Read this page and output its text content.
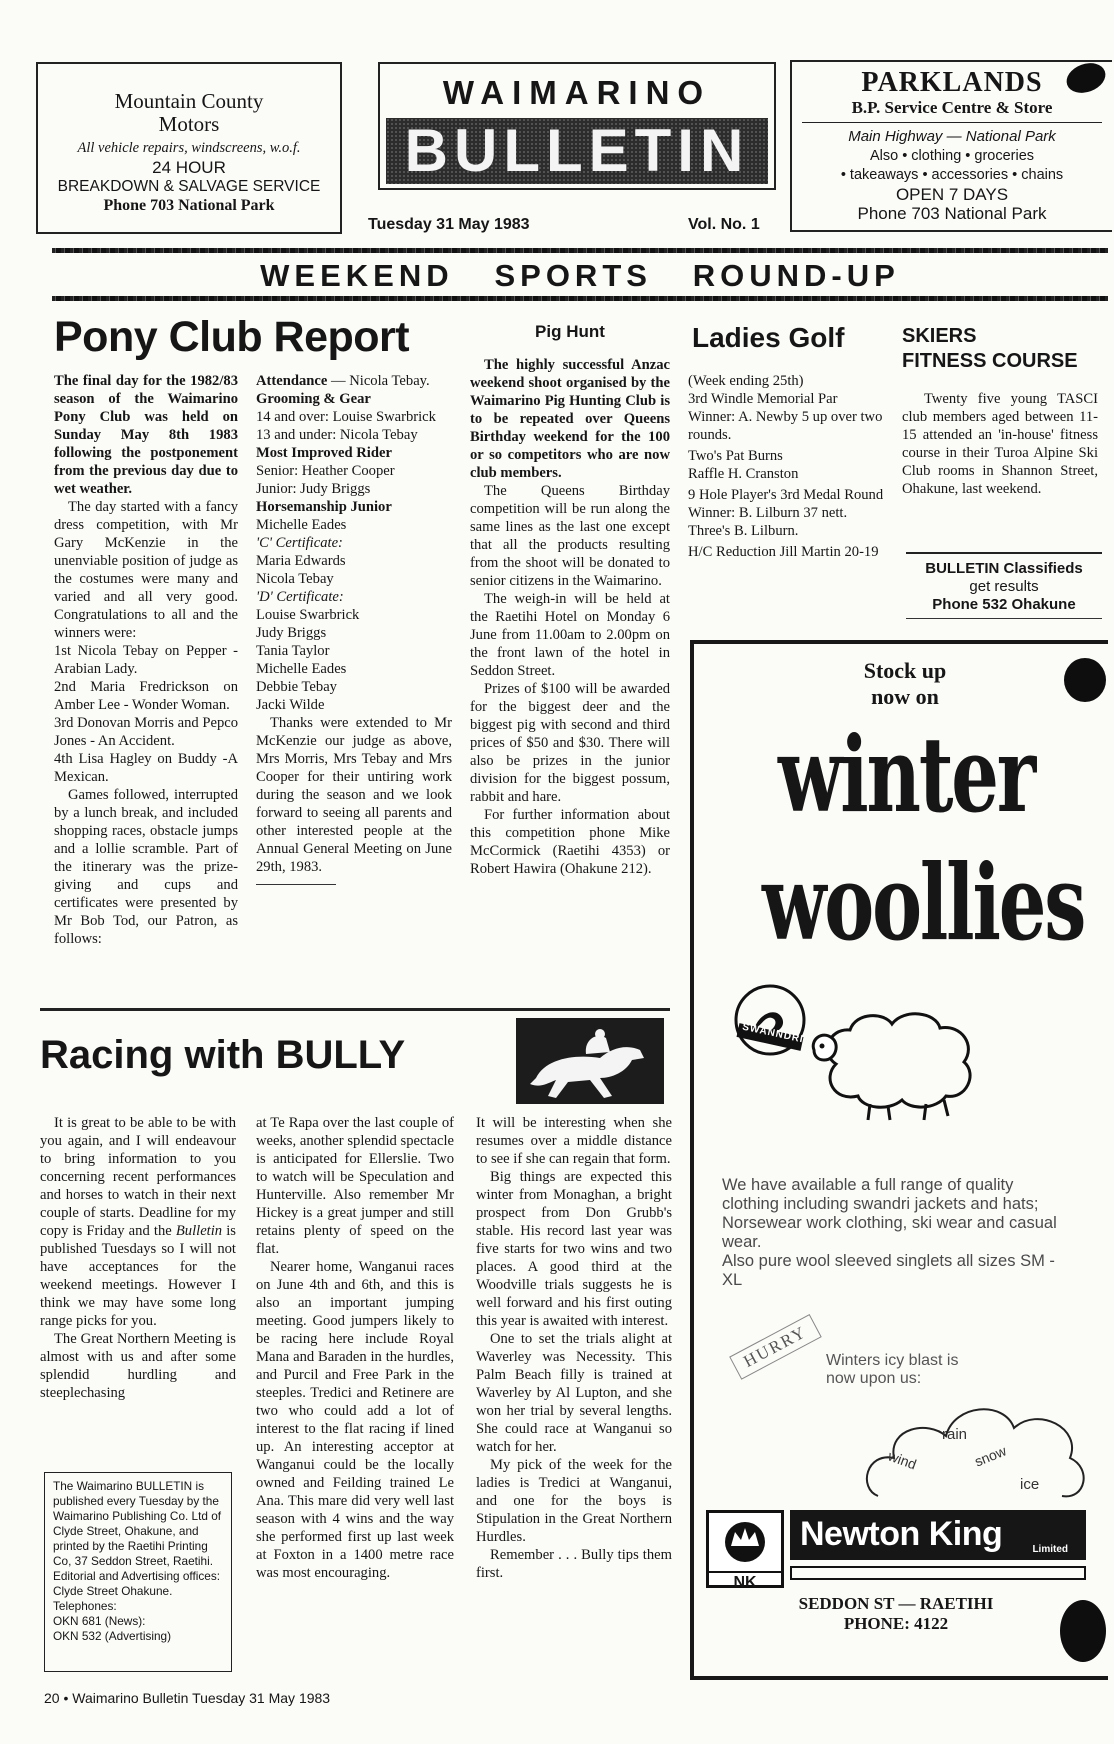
Mountain County
Motors
All vehicle repairs, windscreens, w.o.f.
24 HOUR
BREAKDOWN & SALVAGE SERVICE
Phone 703 National Park
WAIMARINO
BULLETIN
Tuesday 31 May 1983	Vol. No. 1
PARKLANDS
B.P. Service Centre & Store
Main Highway — National Park
Also • clothing • groceries
• takeaways • accessories • chains
OPEN 7 DAYS
Phone 703 National Park
WEEKEND   SPORTS   ROUND-UP
Pony Club Report

The final day for the 1982/83 season of the Waimarino Pony Club was held on Sunday May 8th 1983 following the postponement from the previous day due to wet weather.

The day started with a fancy dress competition, with Mr Gary McKenzie in the unenviable position of judge as the costumes were many and varied and all very good. Congratulations to all and the winners were:

1st Nicola Tebay on Pepper - Arabian Lady.

2nd Maria Fredrickson on Amber Lee - Wonder Woman.

3rd Donovan Morris and Pepco Jones - An Accident.

4th Lisa Hagley on Buddy -A Mexican.

Games followed, interrupted by a lunch break, and included shopping races, obstacle jumps and a lollie scramble. Part of the itinerary was the prize-giving and cups and certificates were presented by Mr Bob Tod, our Patron, as follows:

Attendance — Nicola Tebay.
Grooming & Gear
14 and over: Louise Swarbrick
13 and under: Nicola Tebay
Most Improved Rider
Senior: Heather Cooper
Junior: Judy Briggs
Horsemanship Junior
Michelle Eades
'C' Certificate:
Maria Edwards
Nicola Tebay
'D' Certificate:
Louise Swarbrick
Judy Briggs
Tania Taylor
Michelle Eades
Debbie Tebay
Jacki Wilde

Thanks were extended to Mr McKenzie our judge as above, Mrs Morris, Mrs Tebay and Mrs Cooper for their untiring work during the season and we look forward to seeing all parents and other interested people at the Annual General Meeting on June 29th, 1983.

Pig Hunt

The highly successful Anzac weekend shoot organised by the Waimarino Pig Hunting Club is to be repeated over Queens Birthday weekend for the 100 or so competitors who are now club members.

The Queens Birthday competition will be run along the same lines as the last one except that all the products resulting from the shoot will be donated to senior citizens in the Waimarino.

The weigh-in will be held at the Raetihi Hotel on Monday 6 June from 11.00am to 2.00pm on the front lawn of the hotel in Seddon Street.

Prizes of $100 will be awarded for the biggest deer and the biggest pig with second and third prices of $50 and $30. There will also be prizes in the junior division for the biggest possum, rabbit and hare.

For further information about this competition phone Mike McCormick (Raetihi 4353) or Robert Hawira (Ohakune 212).

Ladies Golf
(Week ending 25th)
3rd Windle Memorial Par
Winner: A. Newby 5 up over two rounds.
Two's Pat Burns
Raffle H. Cranston
9 Hole Player's 3rd Medal Round
Winner: B. Lilburn 37 nett.
Three's B. Lilburn.
H/C Reduction Jill Martin 20-19
SKIERS
FITNESS COURSE

Twenty five young TASCI club members aged between 11-15 attended an 'in-house' fitness course in their Turoa Alpine Ski Club rooms in Shannon Street, Ohakune, last weekend.

BULLETIN Classifieds
get results
Phone 532 Ohakune
Stock up
now on
winter
woollies
SWANNDRI
We have available a full range of quality clothing including swandri jackets and hats; Norsewear work clothing, ski wear and casual wear.
Also pure wool sleeved singlets all sizes SM - XL
HURRY	Winters icy blast is now upon us:
rain
wind	snow
ice
NK
Newton King	Limited
SEDDON ST — RAETIHI
PHONE: 4122
Racing with BULLY

It is great to be able to be with you again, and I will endeavour to bring information to you concerning recent performances and horses to watch in their next couple of starts. Deadline for my copy is Friday and the Bulletin is published Tuesdays so I will not have acceptances for the weekend meetings. However I think we may have some long range picks for you.

The Great Northern Meeting is almost with us and after some splendid hurdling and steeplechasing

The Waimarino BULLETIN is published every Tuesday by the Waimarino Publishing Co. Ltd of Clyde Street, Ohakune, and printed by the Raetihi Printing Co, 37 Seddon Street, Raetihi. Editorial and Advertising offices: Clyde Street Ohakune.
Telephones:
OKN 681 (News):
OKN 532 (Advertising)

at Te Rapa over the last couple of weeks, another splendid spectacle is anticipated for Ellerslie. Two to watch will be Speculation and Hunterville. Also remember Mr Hickey is a great jumper and still retains plenty of speed on the flat.

Nearer home, Wanganui races on June 4th and 6th, and this is also an important jumping meeting. Good jumpers likely to be racing here include Royal Mana and Baraden in the hurdles, and Purcil and Free Park in the steeples. Tredici and Retinere are two who could add a lot of interest to the flat racing if lined up. An interesting acceptor at Wanganui could be the locally owned and Feilding trained Le Ana. This mare did very well last season with 4 wins and the way she performed first up last week at Foxton in a 1400 metre race was most encouraging.

It will be interesting when she resumes over a middle distance to see if she can regain that form.

Big things are expected this winter from Monaghan, a bright prospect from Don Grubb's stable. His record last year was five starts for two wins and two places. A good third at the Woodville trials suggests he is well forward and his first outing this year is awaited with interest.

One to set the trials alight at Waverley was Necessity. This Palm Beach filly is trained at Waverley by Al Lupton, and she won her trial by several lengths. She could race at Wanganui so watch for her.

My pick of the week for the ladies is Tredici at Wanganui, and one for the boys is Stipulation in the Great Northern Hurdles.

Remember . . . Bully tips them first.

20 • Waimarino Bulletin Tuesday 31 May 1983
